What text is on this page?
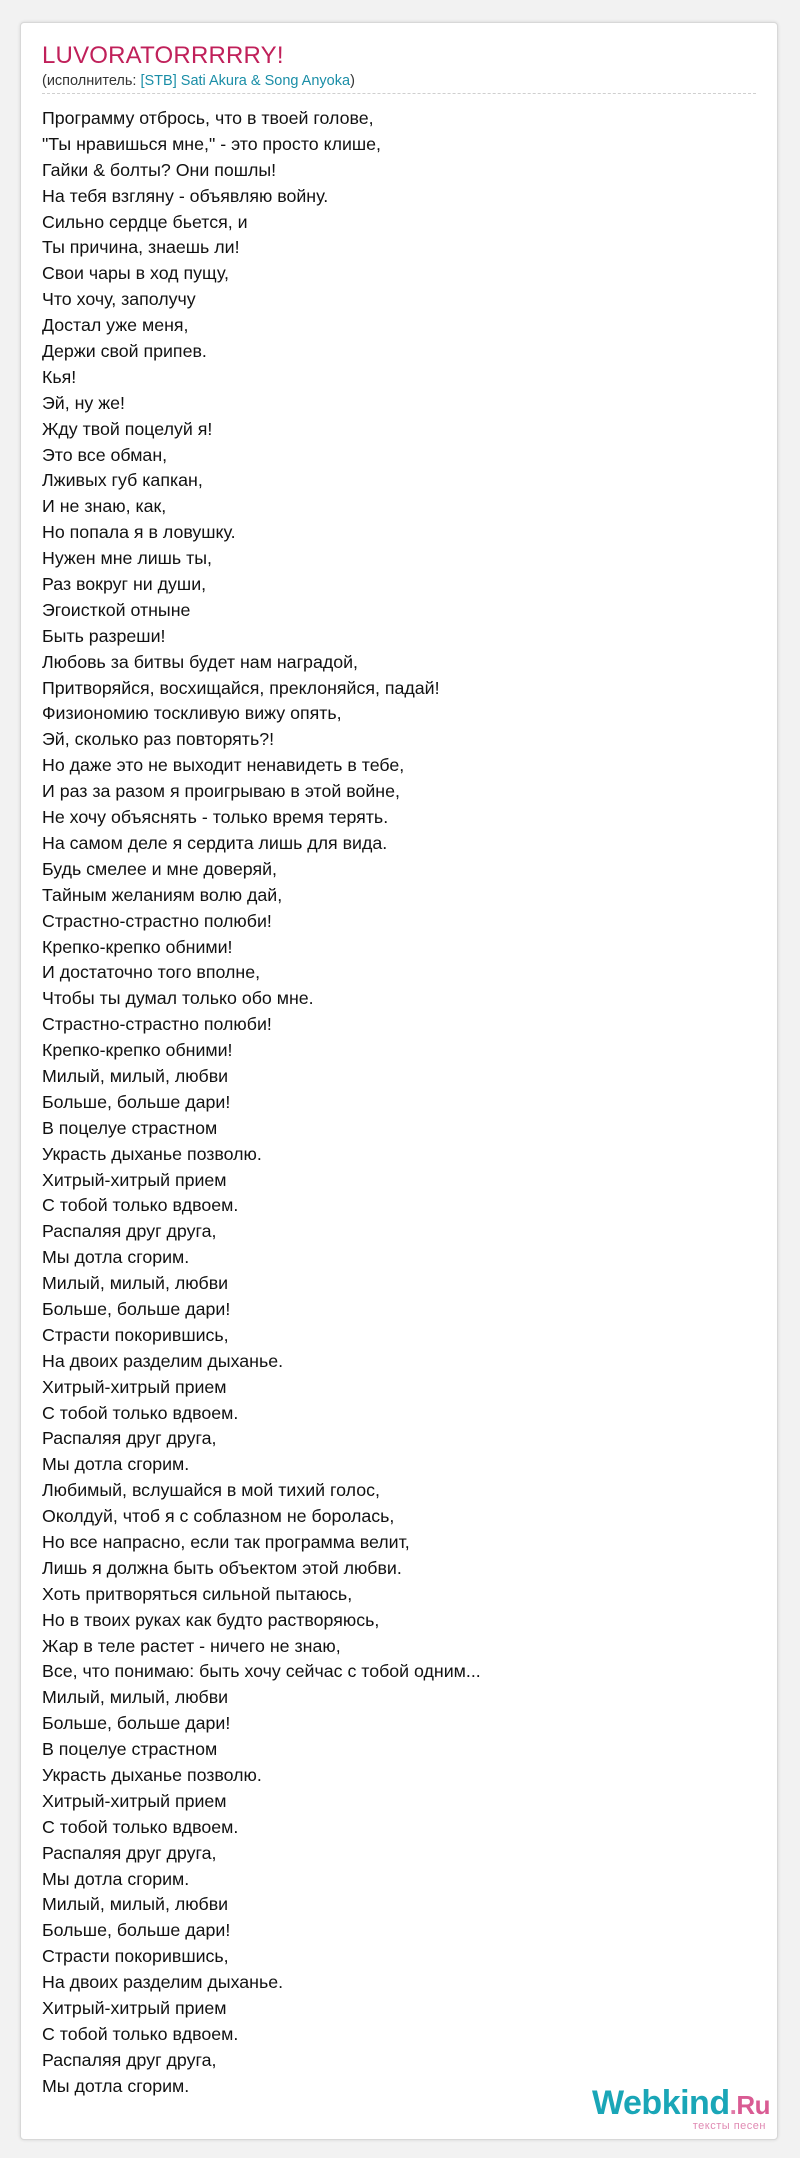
LUVORATORRRRRY!
(исполнитель: [STB] Sati Akura & Song Anyoka)
Программу отбрось, что в твоей голове,
"Ты нравишься мне," - это просто клише,
Гайки & болты? Они пошлы!
На тебя взгляну - объявляю войну.
Сильно сердце бьется, и
Ты причина, знаешь ли!
Свои чары в ход пущу,
Что хочу, заполучу
Достал уже меня,
Держи свой припев.
Кья!
Эй, ну же!
Жду твой поцелуй я!
Это все обман,
Лживых губ капкан,
И не знаю, как,
Но попала я в ловушку.
Нужен мне лишь ты,
Раз вокруг ни души,
Эгоисткой отныне
Быть разреши!
Любовь за битвы будет нам наградой,
Притворяйся, восхищайся, преклоняйся, падай!
Физиономию тоскливую вижу опять,
Эй, сколько раз повторять?!
Но даже это не выходит ненавидеть в тебе,
И раз за разом я проигрываю в этой войне,
Не хочу объяснять - только время терять.
На самом деле я сердита лишь для вида.
Будь смелее и мне доверяй,
Тайным желаниям волю дай,
Страстно-страстно полюби!
Крепко-крепко обними!
И достаточно того вполне,
Чтобы ты думал только обо мне.
Страстно-страстно полюби!
Крепко-крепко обними!
Милый, милый, любви
Больше, больше дари!
В поцелуе страстном
Украсть дыханье позволю.
Хитрый-хитрый прием
С тобой только вдвоем.
Распаляя друг друга,
Мы дотла сгорим.
Милый, милый, любви
Больше, больше дари!
Страсти покорившись,
На двоих разделим дыханье.
Хитрый-хитрый прием
С тобой только вдвоем.
Распаляя друг друга,
Мы дотла сгорим.
Любимый, вслушайся в мой тихий голос,
Околдуй, чтоб я с соблазном не боролась,
Но все напрасно, если так программа велит,
Лишь я должна быть объектом этой любви.
Хоть притворяться сильной пытаюсь,
Но в твоих руках как будто растворяюсь,
Жар в теле растет - ничего не знаю,
Все, что понимаю: быть хочу сейчас с тобой одним...
Милый, милый, любви
Больше, больше дари!
В поцелуе страстном
Украсть дыханье позволю.
Хитрый-хитрый прием
С тобой только вдвоем.
Распаляя друг друга,
Мы дотла сгорим.
Милый, милый, любви
Больше, больше дари!
Страсти покорившись,
На двоих разделим дыханье.
Хитрый-хитрый прием
С тобой только вдвоем.
Распаляя друг друга,
Мы дотла сгорим.	Webkind.Ru
тексты песен
